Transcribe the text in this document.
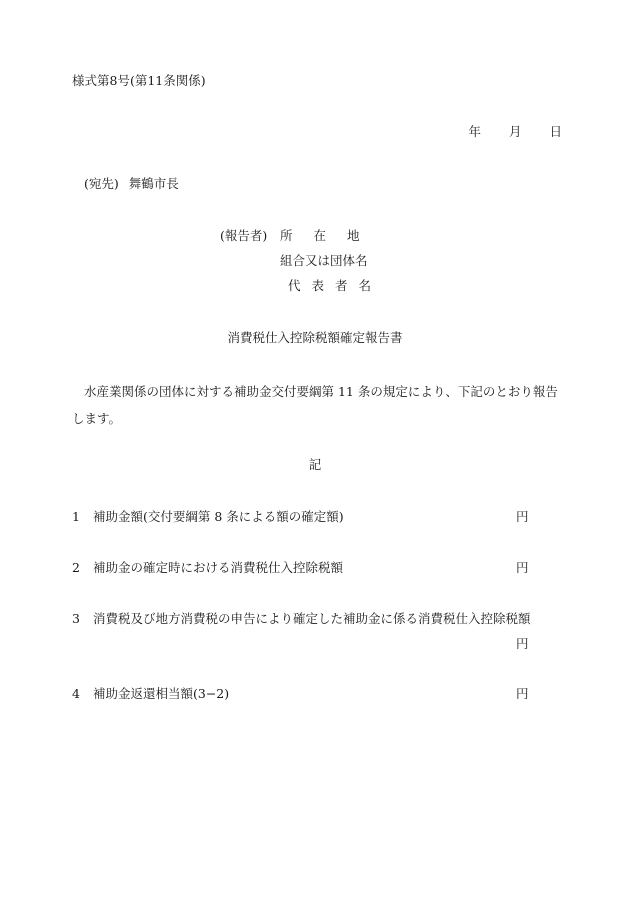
様式第8号(第11条関係)
年 月 日
(宛先) 舞鶴市長
(報告者) 所在地
組合又は団体名
代表者名
消費税仕入控除税額確定報告書
水産業関係の団体に対する補助金交付要綱第 11 条の規定により、下記のとおり報告します。
記
1 補助金額(交付要綱第 8 条による額の確定額)	円
2 補助金の確定時における消費税仕入控除税額	円
3 消費税及び地方消費税の申告により確定した補助金に係る消費税仕入控除税額
円
4 補助金返還相当額(3−2)	円
